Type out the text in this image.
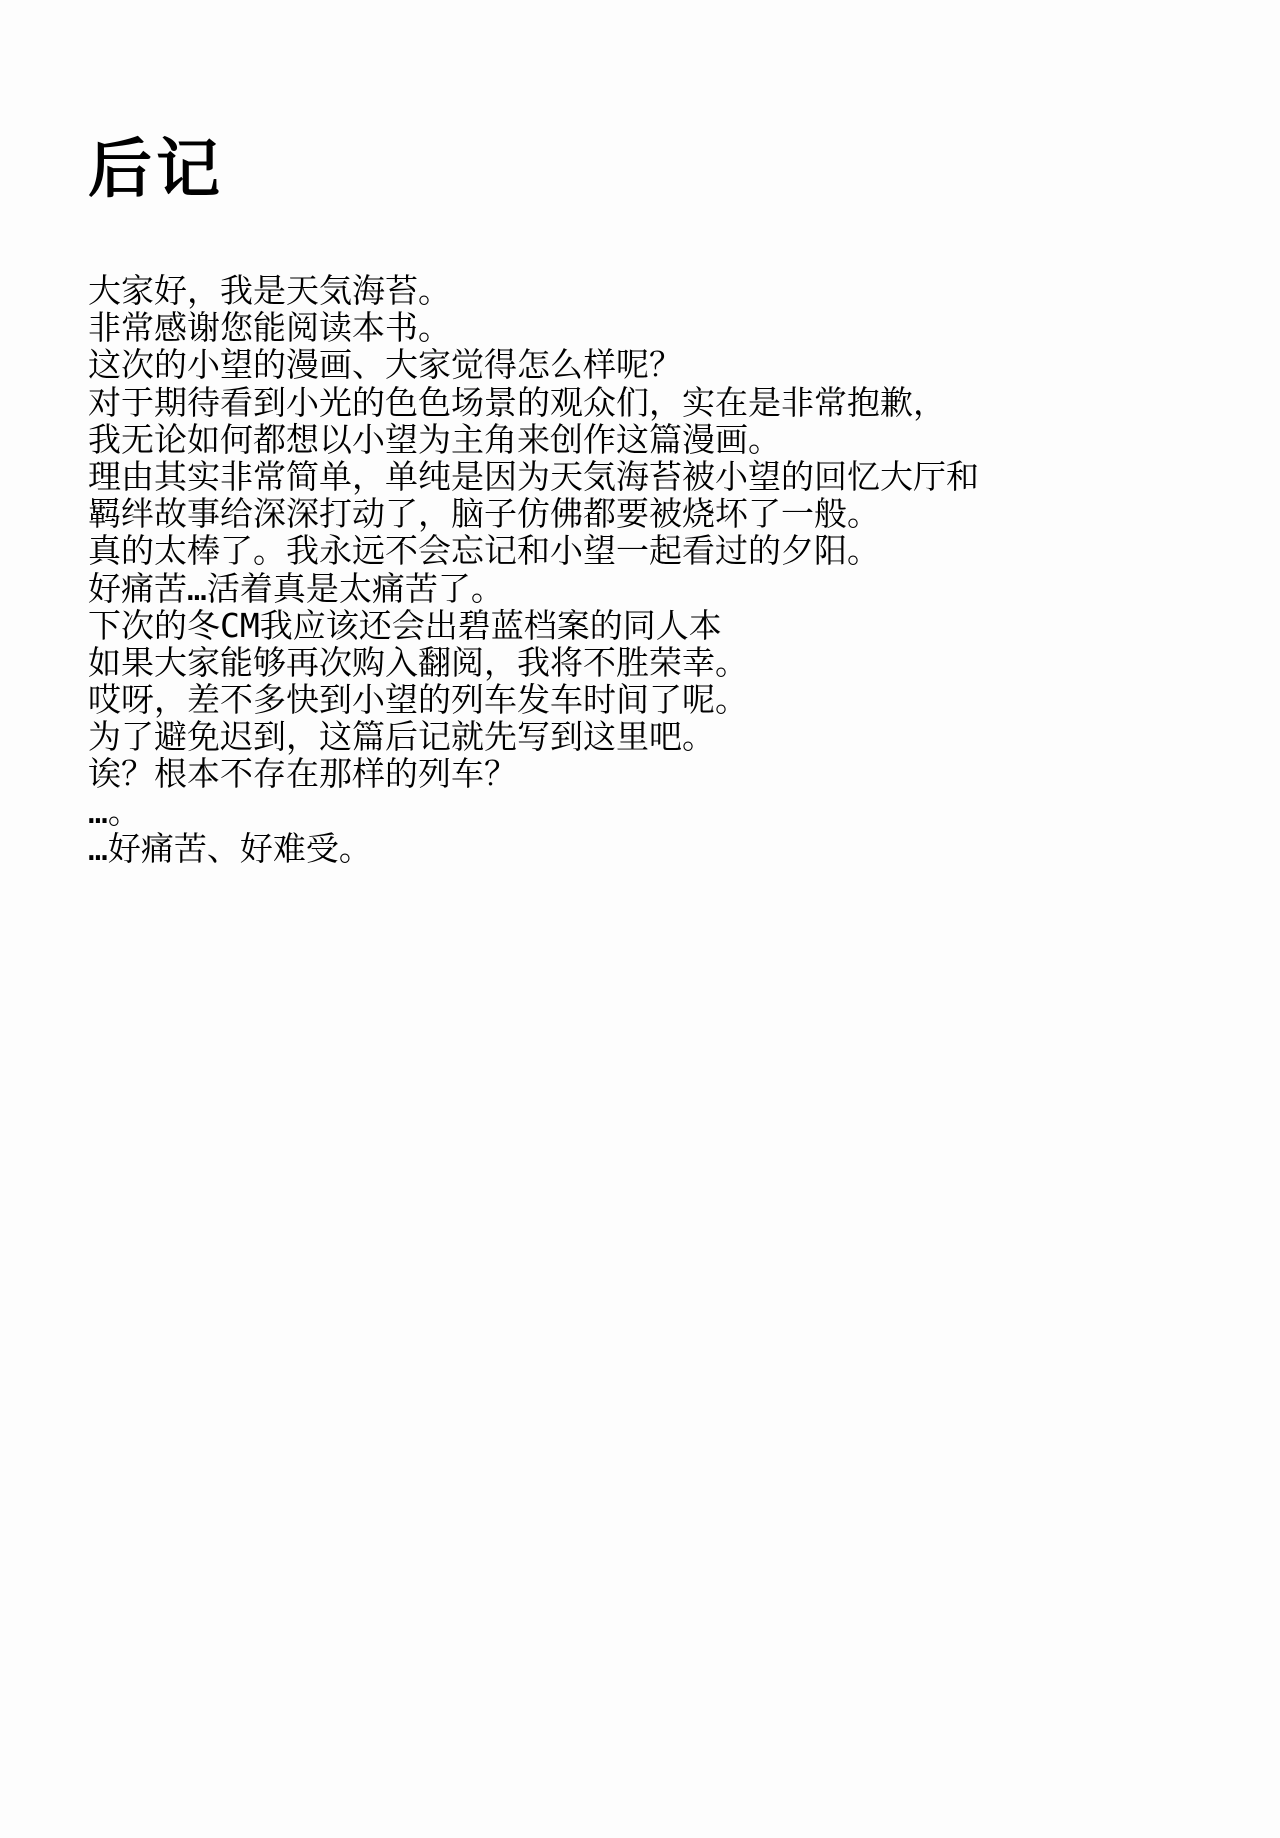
后记
大家好，我是天気海苔。
非常感谢您能阅读本书。
这次的小望的漫画、大家觉得怎么样呢？
对于期待看到小光的色色场景的观众们，实在是非常抱歉，
我无论如何都想以小望为主角来创作这篇漫画。
理由其实非常简单，单纯是因为天気海苔被小望的回忆大厅和
羁绊故事给深深打动了，脑子仿佛都要被烧坏了一般。
真的太棒了。我永远不会忘记和小望一起看过的夕阳。
好痛苦…活着真是太痛苦了。
下次的冬CM我应该还会出碧蓝档案的同人本
如果大家能够再次购入翻阅，我将不胜荣幸。
哎呀，差不多快到小望的列车发车时间了呢。
为了避免迟到，这篇后记就先写到这里吧。
诶？根本不存在那样的列车？
…。
…好痛苦、好难受。
